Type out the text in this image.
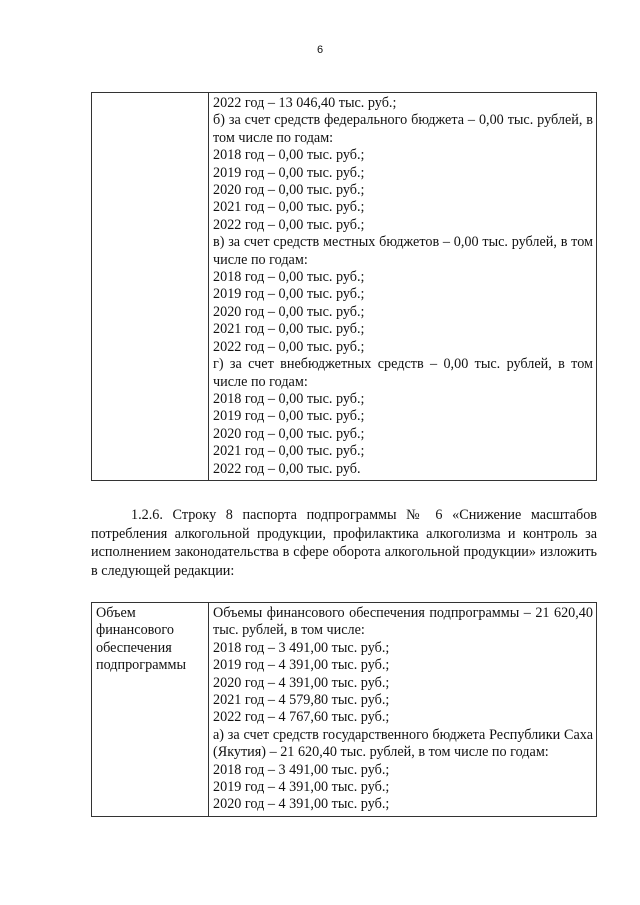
6

2022 год – 13 046,40 тыс. руб.;
б) за счет средств федерального бюджета – 0,00 тыс. рублей, в том числе по годам:
2018 год – 0,00 тыс. руб.;
2019 год – 0,00 тыс. руб.;
2020 год – 0,00 тыс. руб.;
2021 год – 0,00 тыс. руб.;
2022 год – 0,00 тыс. руб.;
в) за счет средств местных бюджетов – 0,00 тыс. рублей, в том числе по годам:
2018 год – 0,00 тыс. руб.;
2019 год – 0,00 тыс. руб.;
2020 год – 0,00 тыс. руб.;
2021 год – 0,00 тыс. руб.;
2022 год – 0,00 тыс. руб.;
г) за счет внебюджетных средств – 0,00 тыс. рублей, в том числе по годам:
2018 год – 0,00 тыс. руб.;
2019 год – 0,00 тыс. руб.;
2020 год – 0,00 тыс. руб.;
2021 год – 0,00 тыс. руб.;
2022 год – 0,00 тыс. руб.
1.2.6. Строку 8 паспорта подпрограммы № 6 «Снижение масштабов потребления алкогольной продукции, профилактика алкоголизма и контроль за исполнением законодательства в сфере оборота алкогольной продукции» изложить в следующей редакции:
Объем финансового обеспечения подпрограммы	
Объемы финансового обеспечения подпрограммы – 21 620,40 тыс. рублей, в том числе:
2018 год – 3 491,00 тыс. руб.;
2019 год – 4 391,00 тыс. руб.;
2020 год – 4 391,00 тыс. руб.;
2021 год – 4 579,80 тыс. руб.;
2022 год – 4 767,60 тыс. руб.;
а) за счет средств государственного бюджета Республики Саха (Якутия) – 21 620,40 тыс. рублей, в том числе по годам:
2018 год – 3 491,00 тыс. руб.;
2019 год – 4 391,00 тыс. руб.;
2020 год – 4 391,00 тыс. руб.;
